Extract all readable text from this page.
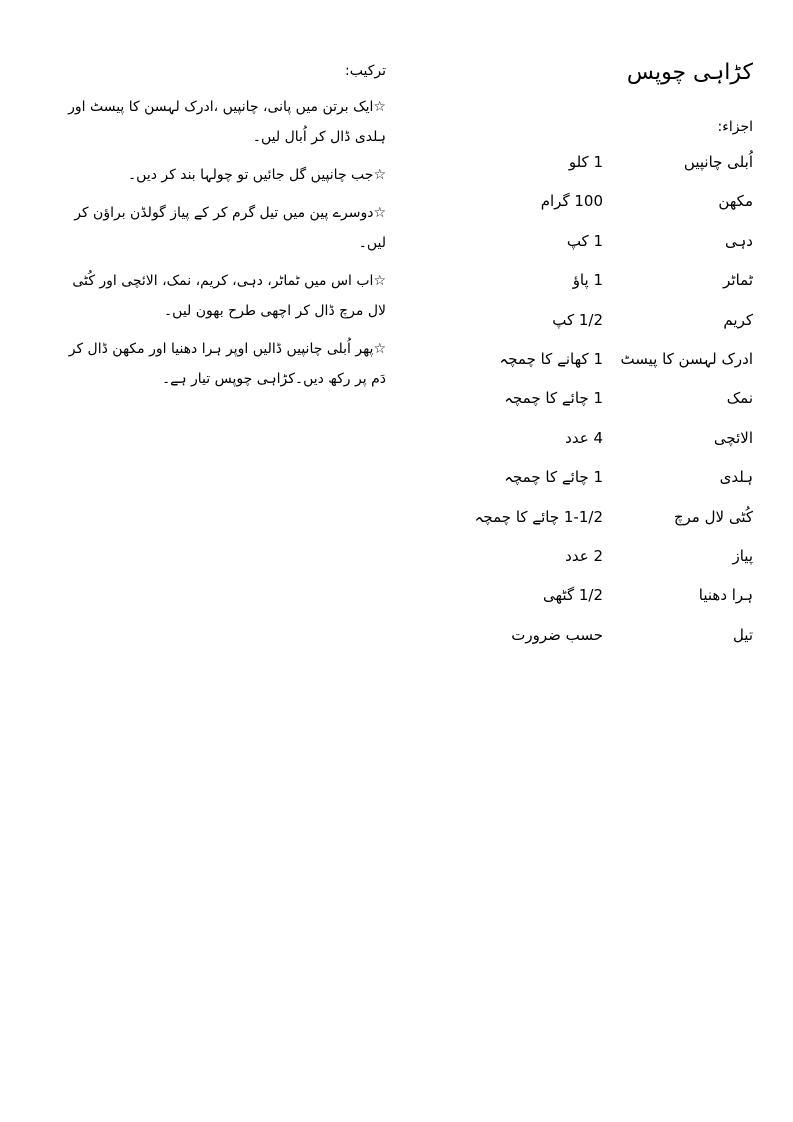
کڑاہی چوپس
اجزاء:
اُبلی چانپیں
1 کلو
مکھن
100 گرام
دہی
1 کپ
ٹماٹر
1 پاؤ
کریم
1/2 کپ
ادرک لہسن کا پیسٹ
1 کھانے کا چمچہ
نمک
1 چائے کا چمچہ
الائچی
4 عدد
ہلدی
1 چائے کا چمچہ
کُٹی لال مرچ
1-1/2 چائے کا چمچہ
پیاز
2 عدد
ہرا دھنیا
1/2 گٹھی
تیل
حسب ضرورت
ترکیب:
☆ایک برتن میں پانی، چانپیں ،ادرک لہسن کا پیسٹ اور ہلدی ڈال کر اُبال لیں۔
☆جب چانپیں گل جائیں تو چولہا بند کر دیں۔
☆دوسرے پین میں تیل گرم کر کے پیاز گولڈن براؤن کر لیں۔
☆اب اس میں ٹماٹر، دہی، کریم، نمک، الائچی اور کُٹی لال مرچ ڈال کر اچھی طرح بھون لیں۔
☆پھر اُبلی چانپیں ڈالیں اوپر ہرا دھنیا اور مکھن ڈال کر دَم پر رکھ دیں۔کڑاہی چوپس تیار ہے۔
